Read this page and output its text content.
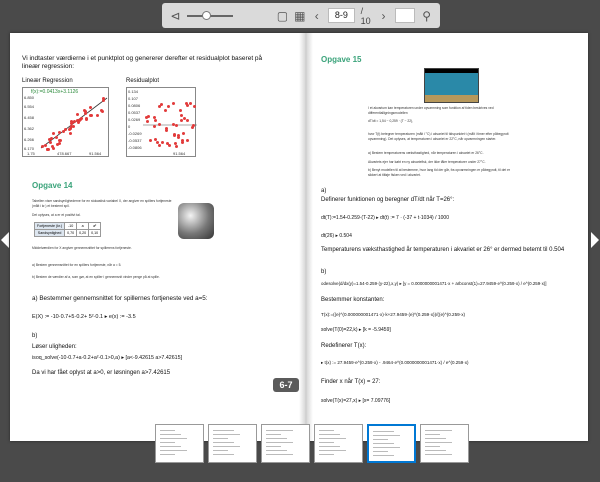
⊲	▢ ▦ ‹	8-9	/ 10 ›	⚲
Vi indtaster værdierne i et punktplot og genererer derefter et residualplot baseret på lineær regression:
Lineær Regression
f(x):=0.0413x+3.1126
6.850
6.554
6.458
6.362
6.266
6.170
1.75	478.667	91.564
Residualplot
0.134
0.107
0.0806
0.0537
0.0269
0
-0.0269
-0.0537
-0.0806
91.564
Opgave 14
Tabellen viser sandsynlighederne for en stokastisk variabel X, der angiver en spillers fortjeneste (målt i kr.) et bestemt spil.
Det oplyses, at a er et positivt tal.
Fortjeneste (kr.)	-10	a	a²
Sandsynlighed	0,70	0,20	0,10
Middelværdien for X angiver gennemsnittet for spillerens fortjeneste.
a) Bestem gennemsnittet for en spillers fortjeneste, når a = 5.
b) Bestem de værdier af a, som gør, at en spiller i gennemsnit vinder penge på at spille.
a) Bestemmer gennemsnittet for spillernes fortjeneste ved a=5:
E(X) := -10·0.7+5·0.2+ 5²·0.1 ▸ e(x) := -3.5
b)
Løser uligheden:
isoq_solve(-10·0.7+a·0.2+a²·0.1>0,a) ▸ [a<-9.42615 a>7.42615]
Da vi har fået oplyst at a>0, er løsningen a>7.42615
Opgave 15
I et akvarium kan temperaturen under opvarmning som funktion af tiden beskrives ved differentialligningsmodellen
dT/dt = 1,54 − 0,259 · (T − 22),
hvor T(t) betegner temperaturen (målt i °C) i akvariet til tidspunktet t (målt i timer efter påbegyndt opvarmning). Det oplyses, at temperaturen i akvariet er 22°C, når opvarmningen starter.
a) Bestem temperaturens væksthastighed, når temperaturen i akvariet er 26°C.
Akvariets ejer har købt en ny akvariefisk, der ikke tåler temperaturer under 27°C.
b) Benyt modellen til at bestemme, hvor lang tid der går, fra opvarmningen er påbegyndt, til det er sikkert at tilføje fisken ved i akvariet.
a)
Definerer funktionen og beregner dT/dt når T=26°:
dt(T):=1.54-0.259·(T-22) ▸ dt(t) := 7 · (-37 + t·1034) / 1000
dt(26) ▸ 0.504
Temperaturens væksthastighed år temperaturen i akvariet er 26° er dermed betemt til 0.504
b)
odesolve(d/dx(y)=1.54-0.259·(y-22),x,y) ▸ [y = 0.0000000001471·x + arbconst(1)=27.9459·e^(0.259·x) / e^(0.259·x)]
Bestemmer konstanten:
T(x):=((e)^(0.000000001471·x)·k+27.9459·(e)^(0.259·x))/((e)^(0.259·x)
solve(T(0)=22,k) ▸ [k = -5.9459]
Redefinerer T(x):
▸ t(x) := 27.9459·e^(0.259·x) - .9464·e^(0.0000000001471·x) / e^(0.259·x)
Finder x når T(x) = 27:
solve(T(x)=27,x) ▸ [x= 7.09776]
6-7
